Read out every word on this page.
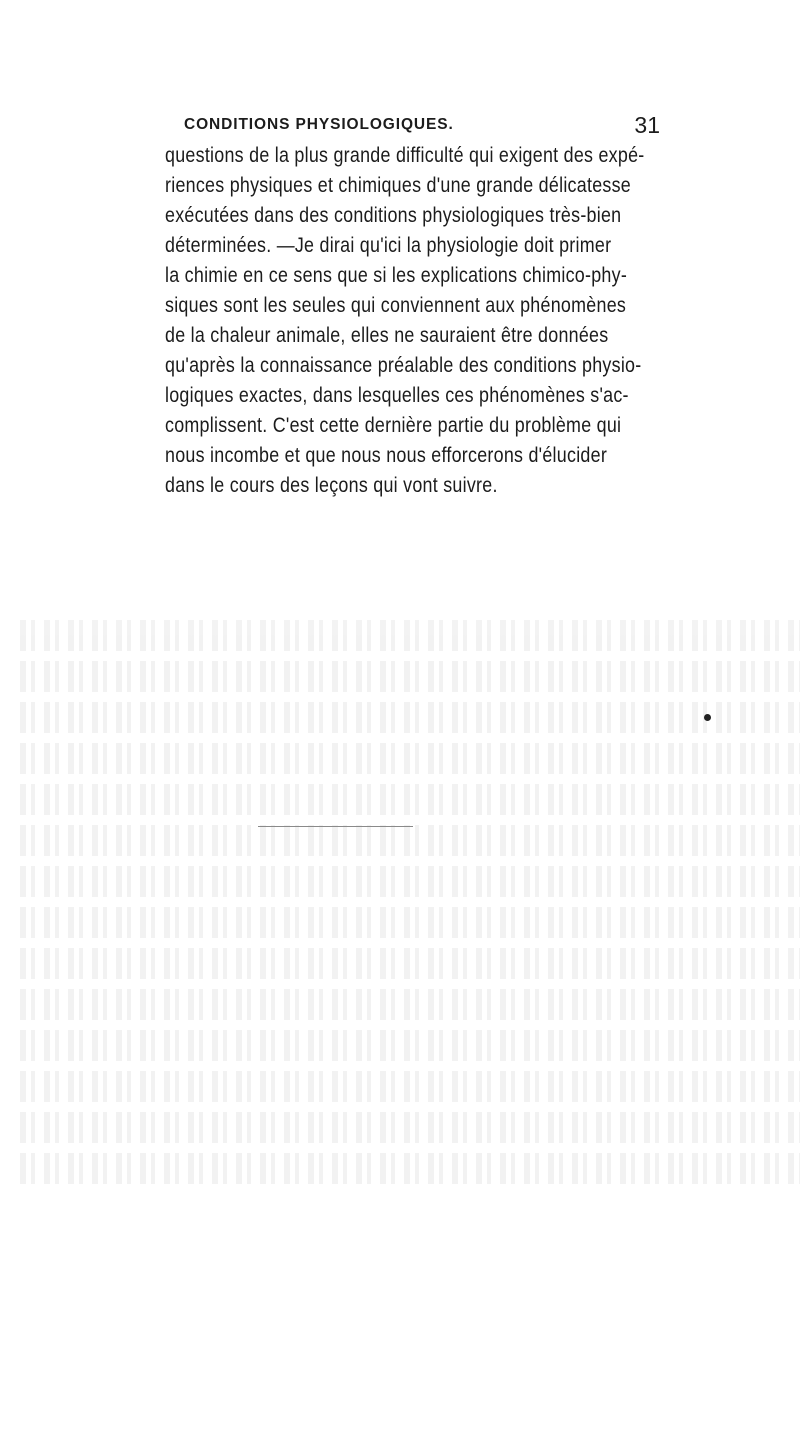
CONDITIONS PHYSIOLOGIQUES.	31
questions de la plus grande difficulté qui exigent des expé-
riences physiques et chimiques d'une grande délicatesse
exécutées dans des conditions physiologiques très-bien
déterminées. —Je dirai qu'ici la physiologie doit primer
la chimie en ce sens que si les explications chimico-phy-
siques sont les seules qui conviennent aux phénomènes
de la chaleur animale, elles ne sauraient être données
qu'après la connaissance préalable des conditions physio-
logiques exactes, dans lesquelles ces phénomènes s'ac-
complissent. C'est cette dernière partie du problème qui
nous incombe et que nous nous efforcerons d'élucider
dans le cours des leçons qui vont suivre.
